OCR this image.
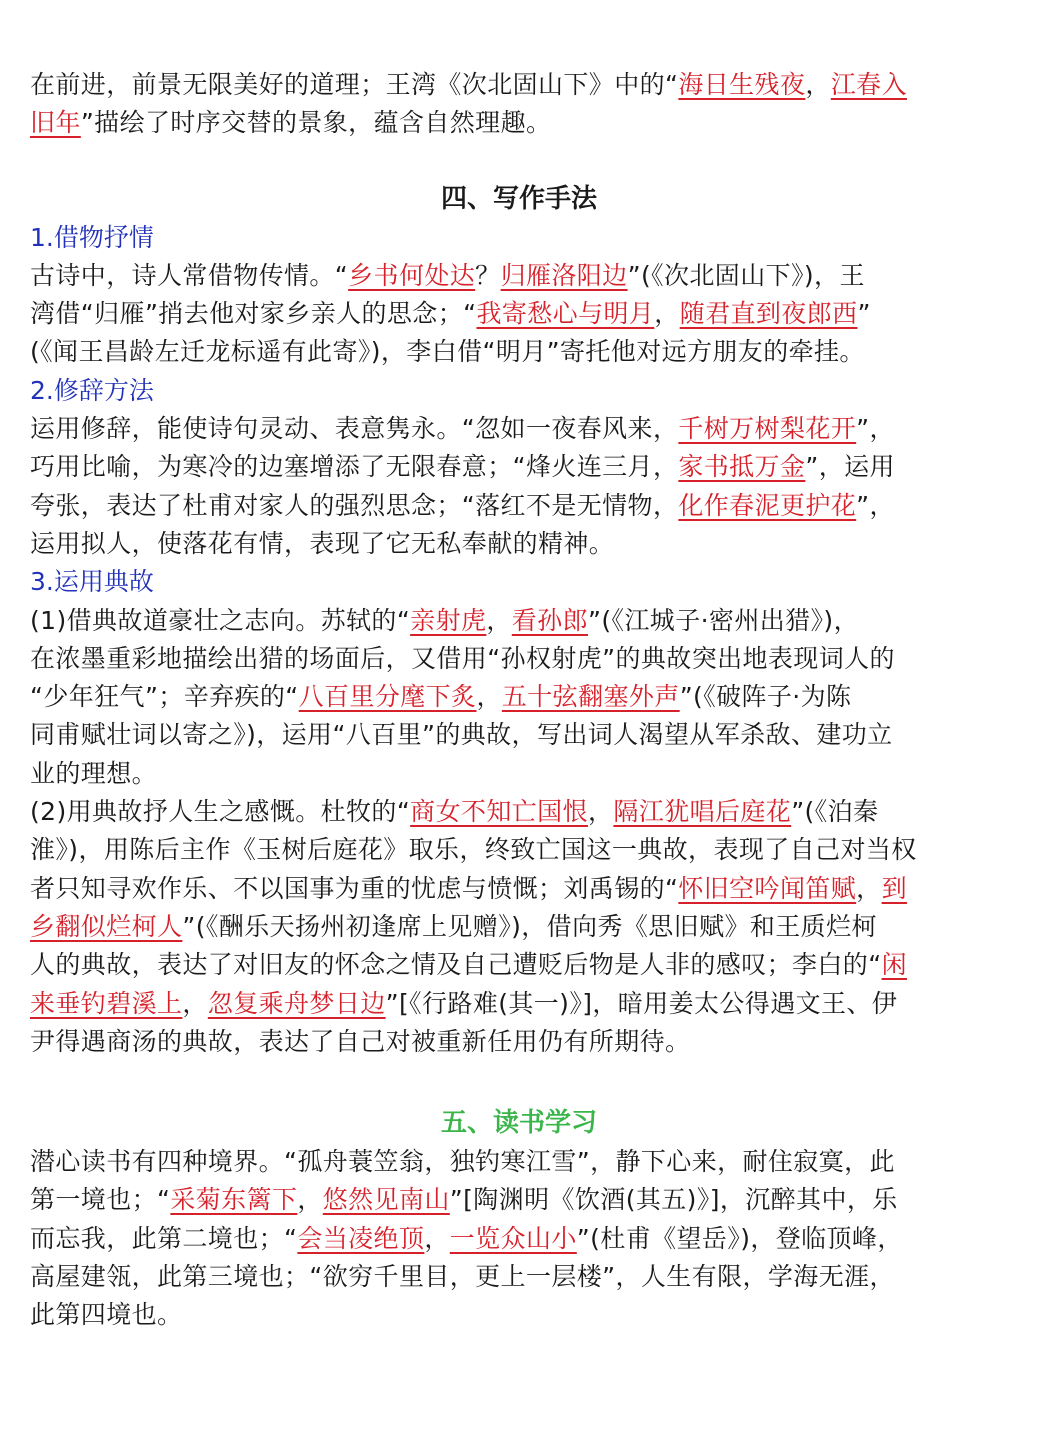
在前进，前景无限美好的道理；王湾《次北固山下》中的“海日生残夜，江春入

旧年”描绘了时序交替的景象，蕴含自然理趣。

四、写作手法
1.借物抒情

古诗中，诗人常借物传情。“乡书何处达？归雁洛阳边”(《次北固山下》)，王

湾借“归雁”捎去他对家乡亲人的思念；“我寄愁心与明月，随君直到夜郎西”

(《闻王昌龄左迁龙标遥有此寄》)，李白借“明月”寄托他对远方朋友的牵挂。

2.修辞方法

运用修辞，能使诗句灵动、表意隽永。“忽如一夜春风来，千树万树梨花开”，

巧用比喻，为寒冷的边塞增添了无限春意；“烽火连三月，家书抵万金”，运用

夸张，表达了杜甫对家人的强烈思念；“落红不是无情物，化作春泥更护花”，

运用拟人，使落花有情，表现了它无私奉献的精神。

3.运用典故

(1)借典故道豪壮之志向。苏轼的“亲射虎，看孙郎”(《江城子·密州出猎》)，

在浓墨重彩地描绘出猎的场面后，又借用“孙权射虎”的典故突出地表现词人的

“少年狂气”；辛弃疾的“八百里分麾下炙，五十弦翻塞外声”(《破阵子·为陈

同甫赋壮词以寄之》)，运用“八百里”的典故，写出词人渴望从军杀敌、建功立

业的理想。

(2)用典故抒人生之感慨。杜牧的“商女不知亡国恨，隔江犹唱后庭花”(《泊秦

淮》)，用陈后主作《玉树后庭花》取乐，终致亡国这一典故，表现了自己对当权

者只知寻欢作乐、不以国事为重的忧虑与愤慨；刘禹锡的“怀旧空吟闻笛赋，到

乡翻似烂柯人”(《酬乐天扬州初逢席上见赠》)，借向秀《思旧赋》和王质烂柯

人的典故，表达了对旧友的怀念之情及自己遭贬后物是人非的感叹；李白的“闲

来垂钓碧溪上，忽复乘舟梦日边”[《行路难(其一)》]，暗用姜太公得遇文王、伊

尹得遇商汤的典故，表达了自己对被重新任用仍有所期待。

五、读书学习

潜心读书有四种境界。“孤舟蓑笠翁，独钓寒江雪”，静下心来，耐住寂寞，此

第一境也；“采菊东篱下，悠然见南山”[陶渊明《饮酒(其五)》]，沉醉其中，乐

而忘我，此第二境也；“会当凌绝顶，一览众山小”(杜甫《望岳》)，登临顶峰，

高屋建瓴，此第三境也；“欲穷千里目，更上一层楼”，人生有限，学海无涯，

此第四境也。
